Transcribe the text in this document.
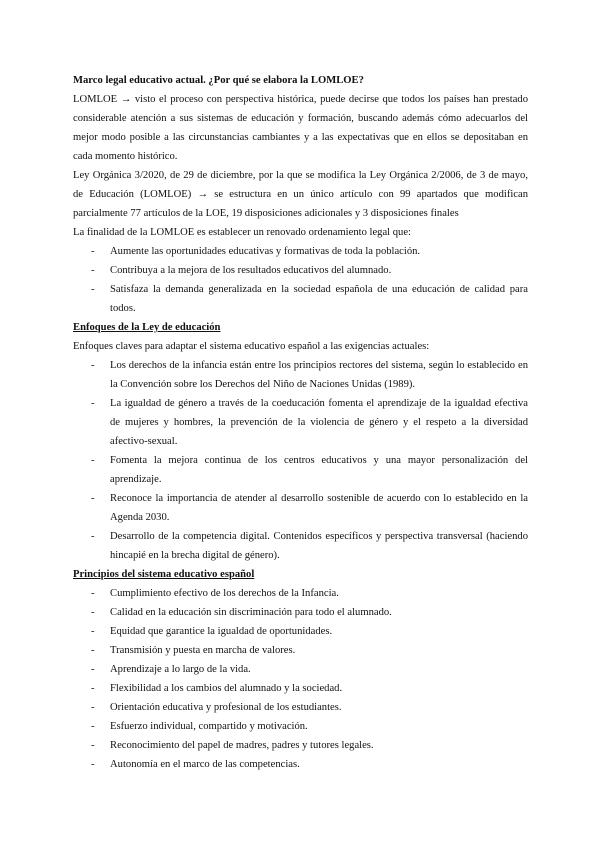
Marco legal educativo actual. ¿Por qué se elabora la LOMLOE?

LOMLOE → visto el proceso con perspectiva histórica, puede decirse que todos los países han prestado considerable atención a sus sistemas de educación y formación, buscando además cómo adecuarlos del mejor modo posible a las circunstancias cambiantes y a las expectativas que en ellos se depositaban en cada momento histórico.

Ley Orgánica 3/2020, de 29 de diciembre, por la que se modifica la Ley Orgánica 2/2006, de 3 de mayo, de Educación (LOMLOE) → se estructura en un único artículo con 99 apartados que modifican parcialmente 77 artículos de la LOE, 19 disposiciones adicionales y 3 disposiciones finales

La finalidad de la LOMLOE es establecer un renovado ordenamiento legal que:

- Aumente las oportunidades educativas y formativas de toda la población.
- Contribuya a la mejora de los resultados educativos del alumnado.
- Satisfaza la demanda generalizada en la sociedad española de una educación de calidad para todos.

Enfoques de la Ley de educación

Enfoques claves para adaptar el sistema educativo español a las exigencias actuales:

- Los derechos de la infancia están entre los principios rectores del sistema, según lo establecido en la Convención sobre los Derechos del Niño de Naciones Unidas (1989).
- La igualdad de género a través de la coeducación fomenta el aprendizaje de la igualdad efectiva de mujeres y hombres, la prevención de la violencia de género y el respeto a la diversidad afectivo-sexual.
- Fomenta la mejora continua de los centros educativos y una mayor personalización del aprendizaje.
- Reconoce la importancia de atender al desarrollo sostenible de acuerdo con lo establecido en la Agenda 2030.
- Desarrollo de la competencia digital. Contenidos específicos y perspectiva transversal (haciendo hincapié en la brecha digital de género).

Principios del sistema educativo español

- Cumplimiento efectivo de los derechos de la Infancia.
- Calidad en la educación sin discriminación para todo el alumnado.
- Equidad que garantice la igualdad de oportunidades.
- Transmisión y puesta en marcha de valores.
- Aprendizaje a lo largo de la vida.
- Flexibilidad a los cambios del alumnado y la sociedad.
- Orientación educativa y profesional de los estudiantes.
- Esfuerzo individual, compartido y motivación.
- Reconocimiento del papel de madres, padres y tutores legales.
- Autonomía en el marco de las competencias.
